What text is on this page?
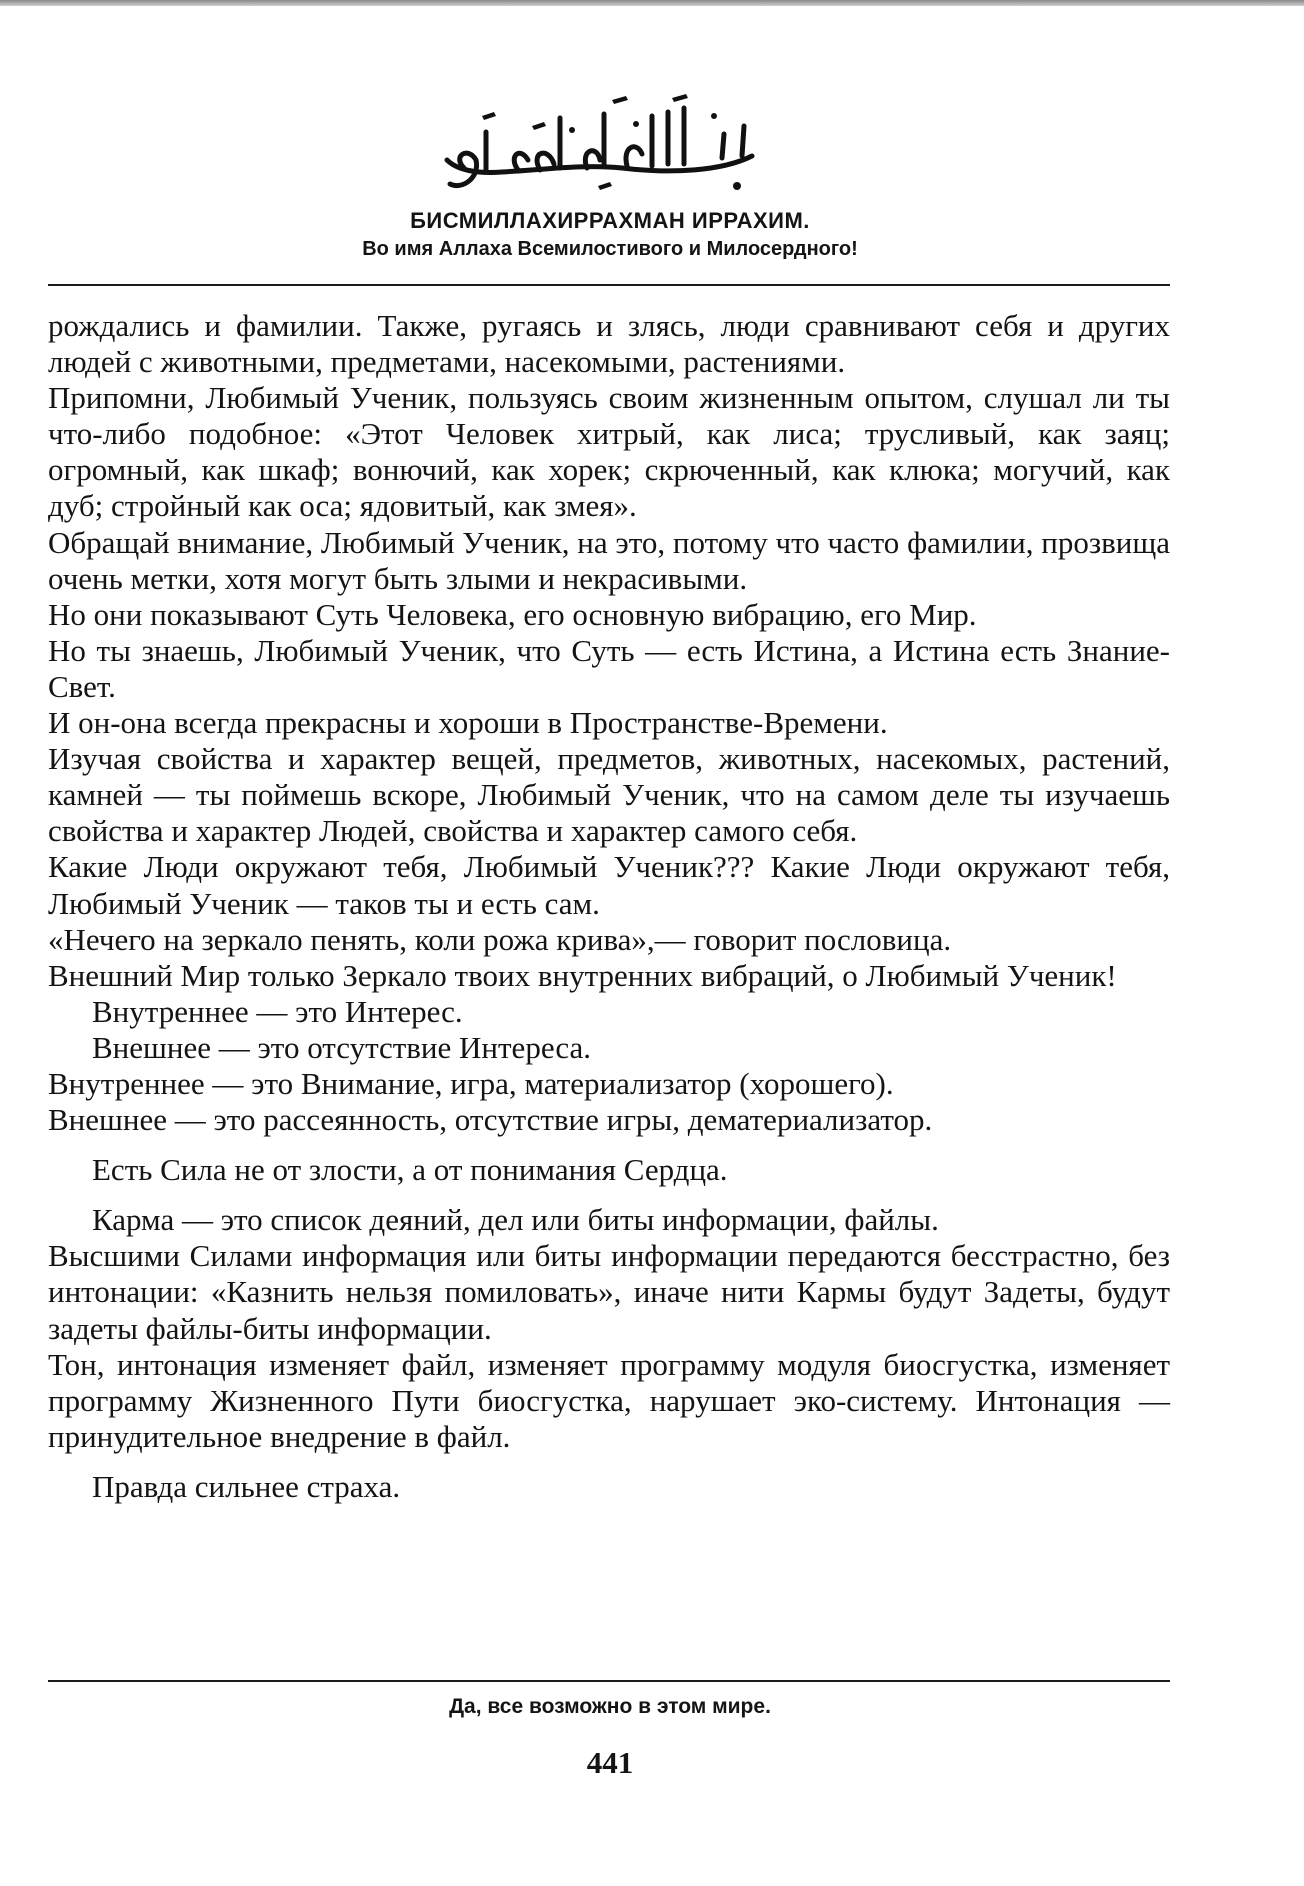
БИСМИЛЛАХИРРАХМАН ИРРАХИМ.
Во имя Аллаха Всемилостивого и Милосердного!

рождались и фамилии. Также, ругаясь и злясь, люди сравнивают себя и других людей с животными, предметами, насекомыми, растениями.

Припомни, Любимый Ученик, пользуясь своим жизненным опытом, слушал ли ты что-либо подобное: «Этот Человек хитрый, как лиса; трусливый, как заяц; огромный, как шкаф; вонючий, как хорек; скрюченный, как клюка; могучий, как дуб; стройный как оса; ядовитый, как змея».

Обращай внимание, Любимый Ученик, на это, потому что часто фамилии, прозвища очень метки, хотя могут быть злыми и некрасивыми.

Но они показывают Суть Человека, его основную вибрацию, его Мир.

Но ты знаешь, Любимый Ученик, что Суть — есть Истина, а Истина есть Знание-Свет.

И он-она всегда прекрасны и хороши в Пространстве-Времени.

Изучая свойства и характер вещей, предметов, животных, насекомых, растений, камней — ты поймешь вскоре, Любимый Ученик, что на самом деле ты изучаешь свойства и характер Людей, свойства и характер самого себя.

Какие Люди окружают тебя, Любимый Ученик??? Какие Люди окружают тебя, Любимый Ученик — таков ты и есть сам.

«Нечего на зеркало пенять, коли рожа крива»,— говорит пословица.

Внешний Мир только Зеркало твоих внутренних вибраций, о Любимый Ученик!

Внутреннее — это Интерес.

Внешнее — это отсутствие Интереса.

Внутреннее — это Внимание, игра, материализатор (хорошего).

Внешнее — это рассеянность, отсутствие игры, дематериализатор.

Есть Сила не от злости, а от понимания Сердца.

Карма — это список деяний, дел или биты информации, файлы.

Высшими Силами информация или биты информации передаются бесстрастно, без интонации: «Казнить нельзя помиловать», иначе нити Кармы будут Задеты, будут задеты файлы-биты информации.

Тон, интонация изменяет файл, изменяет программу модуля биосгустка, изменяет программу Жизненного Пути биосгустка, нарушает эко-систему. Интонация — принудительное внедрение в файл.

Правда сильнее страха.

Да, все возможно в этом мире.
441
